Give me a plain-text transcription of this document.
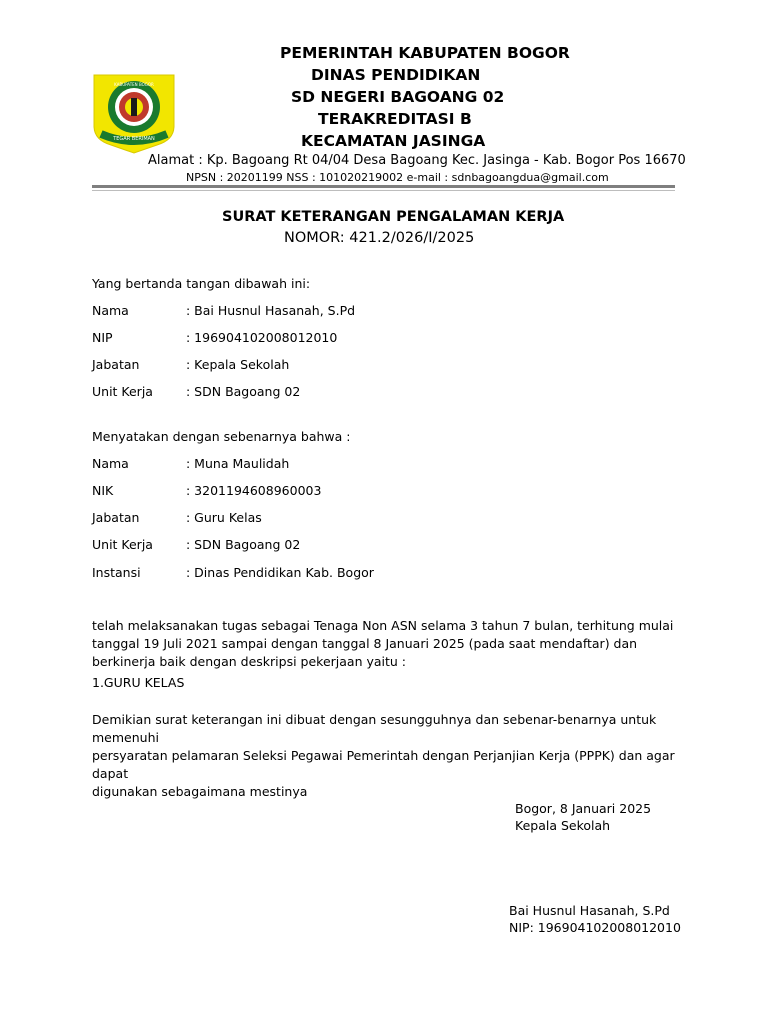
TEGAR BERIMAN
KABUPATEN BOGOR
PEMERINTAH KABUPATEN BOGOR
DINAS PENDIDIKAN
SD NEGERI BAGOANG 02
TERAKREDITASI B
KECAMATAN JASINGA
Alamat : Kp. Bagoang Rt 04/04 Desa Bagoang Kec. Jasinga - Kab. Bogor Pos 16670
NPSN : 20201199 NSS : 101020219002 e-mail : sdnbagoangdua@gmail.com
SURAT KETERANGAN PENGALAMAN KERJA
NOMOR: 421.2/026/I/2025
Yang bertanda tangan dibawah ini:
Nama	: Bai Husnul Hasanah, S.Pd
NIP	: 196904102008012010
Jabatan	: Kepala Sekolah
Unit Kerja	: SDN Bagoang 02
Menyatakan dengan sebenarnya bahwa :
Nama	: Muna Maulidah
NIK	: 3201194608960003
Jabatan	: Guru Kelas
Unit Kerja	: SDN Bagoang 02
Instansi	: Dinas Pendidikan Kab. Bogor
telah melaksanakan tugas sebagai Tenaga Non ASN selama 3 tahun 7 bulan, terhitung mulai
tanggal 19 Juli 2021 sampai dengan tanggal 8 Januari 2025 (pada saat mendaftar) dan
berkinerja baik dengan deskripsi pekerjaan yaitu :
1.GURU KELAS
Demikian surat keterangan ini dibuat dengan sesungguhnya dan sebenar-benarnya untuk memenuhi
persyaratan pelamaran Seleksi Pegawai Pemerintah dengan Perjanjian Kerja (PPPK) dan agar dapat
digunakan sebagaimana mestinya
Bogor, 8 Januari 2025
Kepala Sekolah
Bai Husnul Hasanah, S.Pd
NIP: 196904102008012010
